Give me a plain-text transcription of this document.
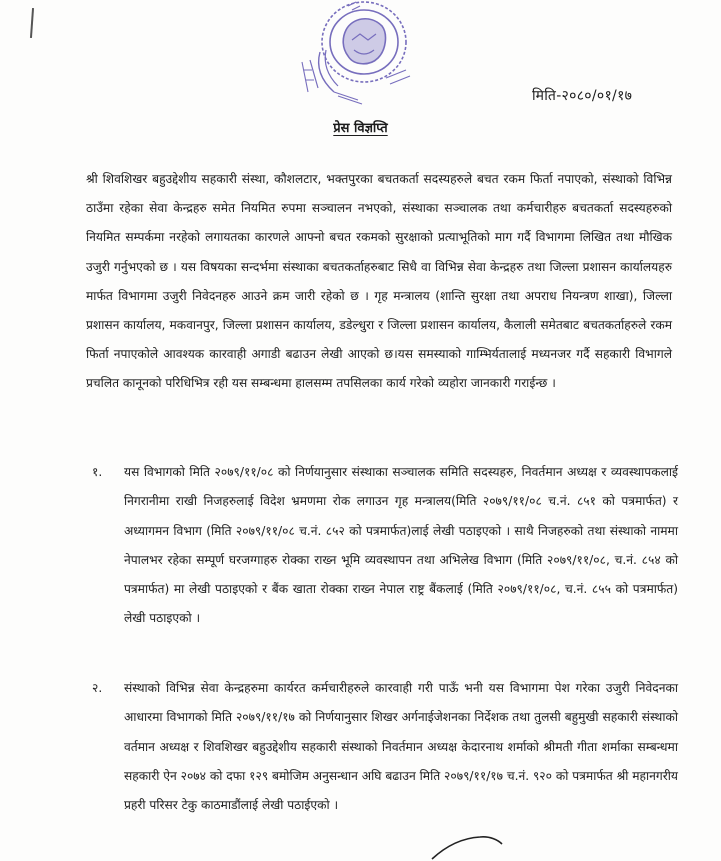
मिति-२०८०/०१/१७
प्रेस विज्ञप्ति

श्री शिवशिखर बहुउद्देशीय सहकारी संस्था, कौशलटार, भक्तपुरका बचतकर्ता सदस्यहरुले बचत रकम फिर्ता नपाएको, संस्थाको विभिन्न ठाउँमा रहेका सेवा केन्द्रहरु समेत नियमित रुपमा सञ्चालन नभएको, संस्थाका सञ्चालक तथा कर्मचारीहरु बचतकर्ता सदस्यहरुको नियमित सम्पर्कमा नरहेको लगायतका कारणले आफ्नो बचत रकमको सुरक्षाको प्रत्याभूतिको माग गर्दै विभागमा लिखित तथा मौखिक उजुरी गर्नुभएको छ । यस विषयका सन्दर्भमा संस्थाका बचतकर्ताहरुबाट सिधै वा विभिन्न सेवा केन्द्रहरु तथा जिल्ला प्रशासन कार्यालयहरु मार्फत विभागमा उजुरी निवेदनहरु आउने क्रम जारी रहेको छ । गृह मन्त्रालय (शान्ति सुरक्षा तथा अपराध नियन्त्रण शाखा), जिल्ला प्रशासन कार्यालय, मकवानपुर, जिल्ला प्रशासन कार्यालय, डडेल्धुरा र जिल्ला प्रशासन कार्यालय, कैलाली समेतबाट बचतकर्ताहरुले रकम फिर्ता नपाएकोले आवश्यक कारवाही अगाडी बढाउन लेखी आएको छ।यस समस्याको गाम्भिर्यतालाई मध्यनजर गर्दै सहकारी विभागले प्रचलित कानूनको परिधिभित्र रही यस सम्बन्धमा हालसम्म तपसिलका कार्य गरेको व्यहोरा जानकारी गराईन्छ ।

१.	यस विभागको मिति २०७९/११/०८ को निर्णयानुसार संस्थाका सञ्चालक समिति सदस्यहरु, निवर्तमान अध्यक्ष र व्यवस्थापकलाई निगरानीमा राखी निजहरुलाई विदेश भ्रमणमा रोक लगाउन गृह मन्त्रालय(मिति २०७९/११/०८ च.नं. ८५१ को पत्रमार्फत) र अध्यागमन विभाग (मिति २०७९/११/०८ च.नं. ८५२ को पत्रमार्फत)लाई लेखी पठाइएको । साथै निजहरुको तथा संस्थाको नाममा नेपालभर रहेका सम्पूर्ण घरजग्गाहरु रोक्का राख्न भूमि व्यवस्थापन तथा अभिलेख विभाग (मिति २०७९/११/०८, च.नं. ८५४ को पत्रमार्फत) मा लेखी पठाइएको र बैंक खाता रोक्का राख्न नेपाल राष्ट्र बैंकलाई (मिति २०७९/११/०८, च.नं. ८५५ को पत्रमार्फत) लेखी पठाइएको ।

२.	संस्थाको विभिन्न सेवा केन्द्रहरुमा कार्यरत कर्मचारीहरुले कारवाही गरी पाऊँ भनी यस विभागमा पेश गरेका उजुरी निवेदनका आधारमा विभागको मिति २०७९/११/१७ को निर्णयानुसार शिखर अर्गनाईजेशनका निर्देशक तथा तुलसी बहुमुखी सहकारी संस्थाको वर्तमान अध्यक्ष र शिवशिखर बहुउद्देशीय सहकारी संस्थाको निवर्तमान अध्यक्ष केदारनाथ शर्माको श्रीमती गीता शर्माका सम्बन्धमा सहकारी ऐन २०७४ को दफा १२९ बमोजिम अनुसन्धान अघि बढाउन मिति २०७९/११/१७ च.नं. ९२० को पत्रमार्फत श्री महानगरीय प्रहरी परिसर टेकु काठमाडौंलाई लेखी पठाईएको ।
